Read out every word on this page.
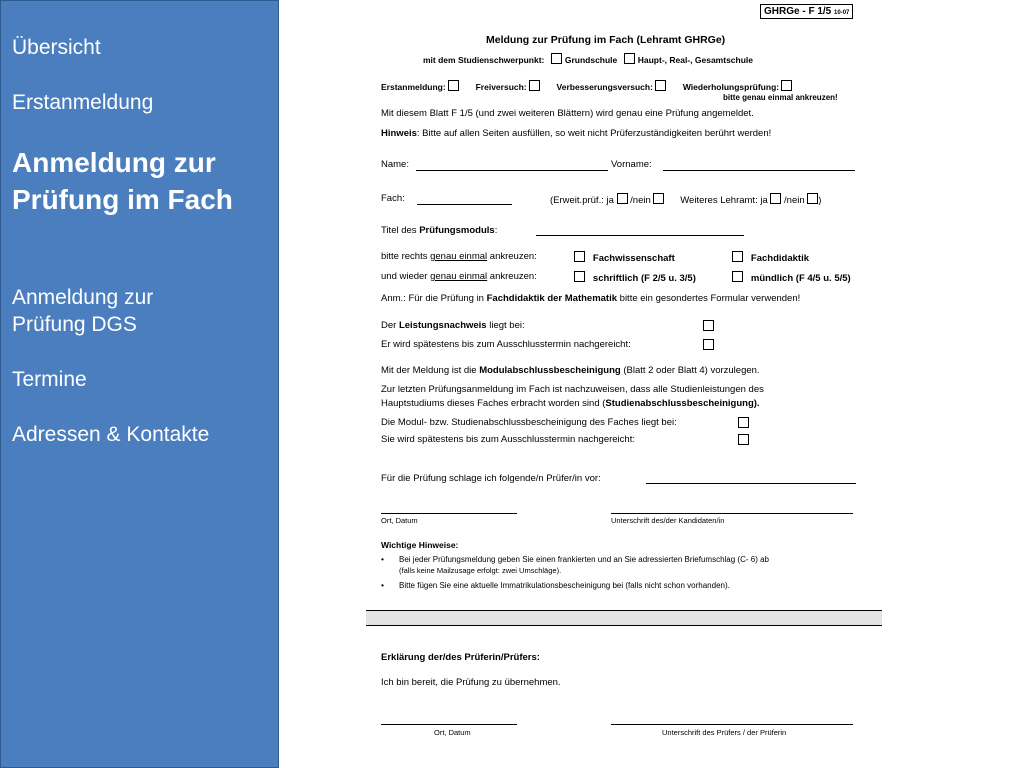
Übersicht
Erstanmeldung
Anmeldung zur Prüfung im Fach
Anmeldung zur Prüfung DGS
Termine
Adressen & Kontakte
GHRGe - F 1/5 10-07
Meldung zur Prüfung im Fach (Lehramt GHRGe)
mit dem Studienschwerpunkt: Grundschule Haupt-, Real-, Gesamtschule
Erstanmeldung:	Freiversuch:	Verbesserungsversuch:	Wiederholungsprüfung:
bitte genau einmal ankreuzen!
Mit diesem Blatt F 1/5 (und zwei weiteren Blättern) wird genau eine Prüfung angemeldet.
Hinweis: Bitte auf allen Seiten ausfüllen, so weit nicht Prüferzuständigkeiten berührt werden!
Name:	Vorname:
Fach:	(Erweit.prüf.: ja /nein	Weiteres Lehramt: ja /nein )
Titel des Prüfungsmoduls:
bitte rechts genau einmal ankreuzen:	Fachwissenschaft	Fachdidaktik
und wieder genau einmal ankreuzen:	schriftlich (F 2/5 u. 3/5)	mündlich (F 4/5 u. 5/5)
Anm.: Für die Prüfung in Fachdidaktik der Mathematik bitte ein gesondertes Formular verwenden!
Der Leistungsnachweis liegt bei:
Er wird spätestens bis zum Ausschlusstermin nachgereicht:
Mit der Meldung ist die Modulabschlussbescheinigung (Blatt 2 oder Blatt 4) vorzulegen.
Zur letzten Prüfungsanmeldung im Fach ist nachzuweisen, dass alle Studienleistungen des
Hauptstudiums dieses Faches erbracht worden sind (Studienabschlussbescheinigung).
Die Modul- bzw. Studienabschlussbescheinigung des Faches liegt bei:
Sie wird spätestens bis zum Ausschlusstermin nachgereicht:
Für die Prüfung schlage ich folgende/n Prüfer/in vor:
Ort, Datum	Unterschrift des/der Kandidaten/in
Wichtige Hinweise:
• Bei jeder Prüfungsmeldung geben Sie einen frankierten und an Sie adressierten Briefumschlag (C- 6) ab
(falls keine Mailzusage erfolgt: zwei Umschläge).
• Bitte fügen Sie eine aktuelle Immatrikulationsbescheinigung bei (falls nicht schon vorhanden).
Erklärung der/des Prüferin/Prüfers:
Ich bin bereit, die Prüfung zu übernehmen.
Ort, Datum	Unterschrift des Prüfers / der Prüferin
